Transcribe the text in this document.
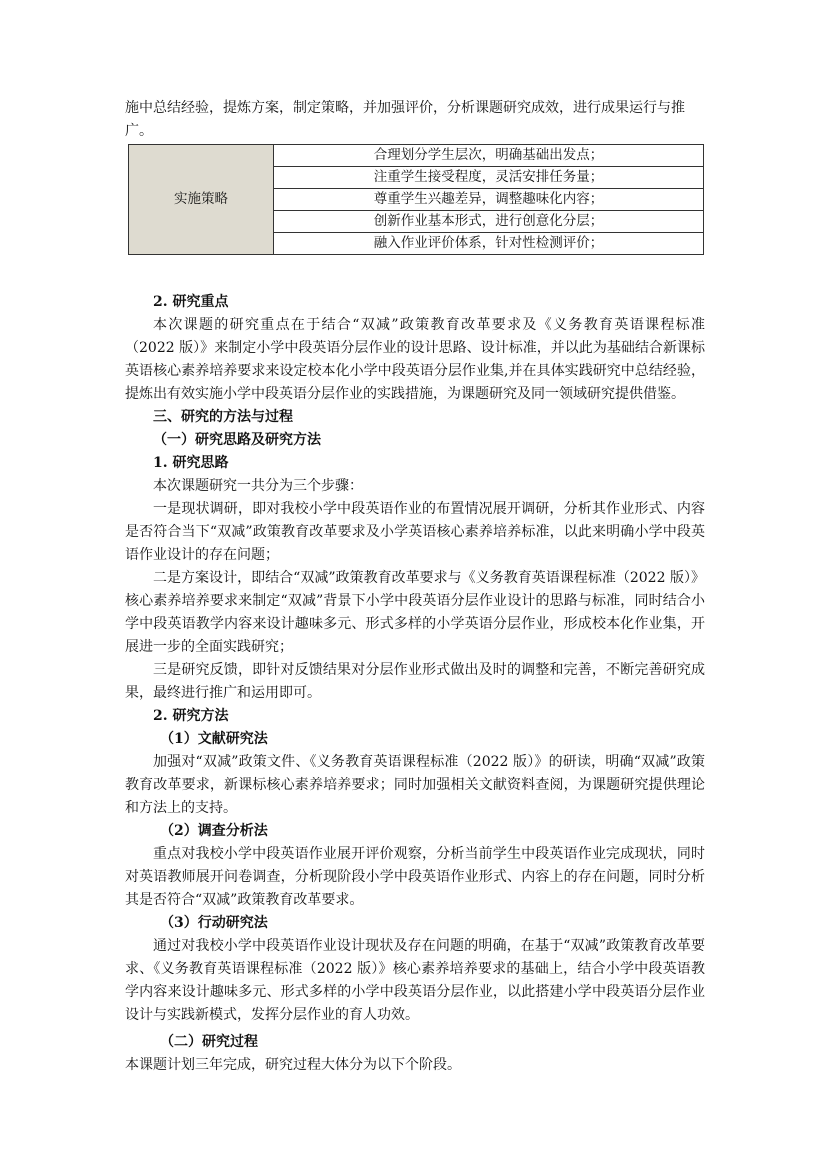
施中总结经验，提炼方案，制定策略，并加强评价，分析课题研究成效，进行成果运行与推

广。

实施策略	合理划分学生层次，明确基础出发点；
注重学生接受程度，灵活安排任务量；
尊重学生兴趣差异，调整趣味化内容；
创新作业基本形式，进行创意化分层；
融入作业评价体系，针对性检测评价；

2. 研究重点

本次课题的研究重点在于结合“双减”政策教育改革要求及《义务教育英语课程标准（2022 版）》来制定小学中段英语分层作业的设计思路、设计标准，并以此为基础结合新课标英语核心素养培养要求来设定校本化小学中段英语分层作业集,并在具体实践研究中总结经验，提炼出有效实施小学中段英语分层作业的实践措施，为课题研究及同一领域研究提供借鉴。

三、研究的方法与过程

（一）研究思路及研究方法

1. 研究思路

本次课题研究一共分为三个步骤：

一是现状调研，即对我校小学中段英语作业的布置情况展开调研，分析其作业形式、内容是否符合当下“双减”政策教育改革要求及小学英语核心素养培养标准，以此来明确小学中段英语作业设计的存在问题；

二是方案设计，即结合“双减”政策教育改革要求与《义务教育英语课程标准（2022 版）》核心素养培养要求来制定“双减”背景下小学中段英语分层作业设计的思路与标准，同时结合小学中段英语教学内容来设计趣味多元、形式多样的小学英语分层作业，形成校本化作业集，开展进一步的全面实践研究；

三是研究反馈，即针对反馈结果对分层作业形式做出及时的调整和完善，不断完善研究成果，最终进行推广和运用即可。

2. 研究方法

（1）文献研究法

加强对“双减”政策文件、《义务教育英语课程标准（2022 版）》的研读，明确“双减”政策教育改革要求，新课标核心素养培养要求；同时加强相关文献资料查阅，为课题研究提供理论和方法上的支持。

（2）调查分析法

重点对我校小学中段英语作业展开评价观察，分析当前学生中段英语作业完成现状，同时对英语教师展开问卷调查，分析现阶段小学中段英语作业形式、内容上的存在问题，同时分析其是否符合“双减”政策教育改革要求。

（3）行动研究法

通过对我校小学中段英语作业设计现状及存在问题的明确，在基于“双减”政策教育改革要求、《义务教育英语课程标准（2022 版）》核心素养培养要求的基础上，结合小学中段英语教学内容来设计趣味多元、形式多样的小学中段英语分层作业，以此搭建小学中段英语分层作业设计与实践新模式，发挥分层作业的育人功效。

（二）研究过程

本课题计划三年完成，研究过程大体分为以下个阶段。
